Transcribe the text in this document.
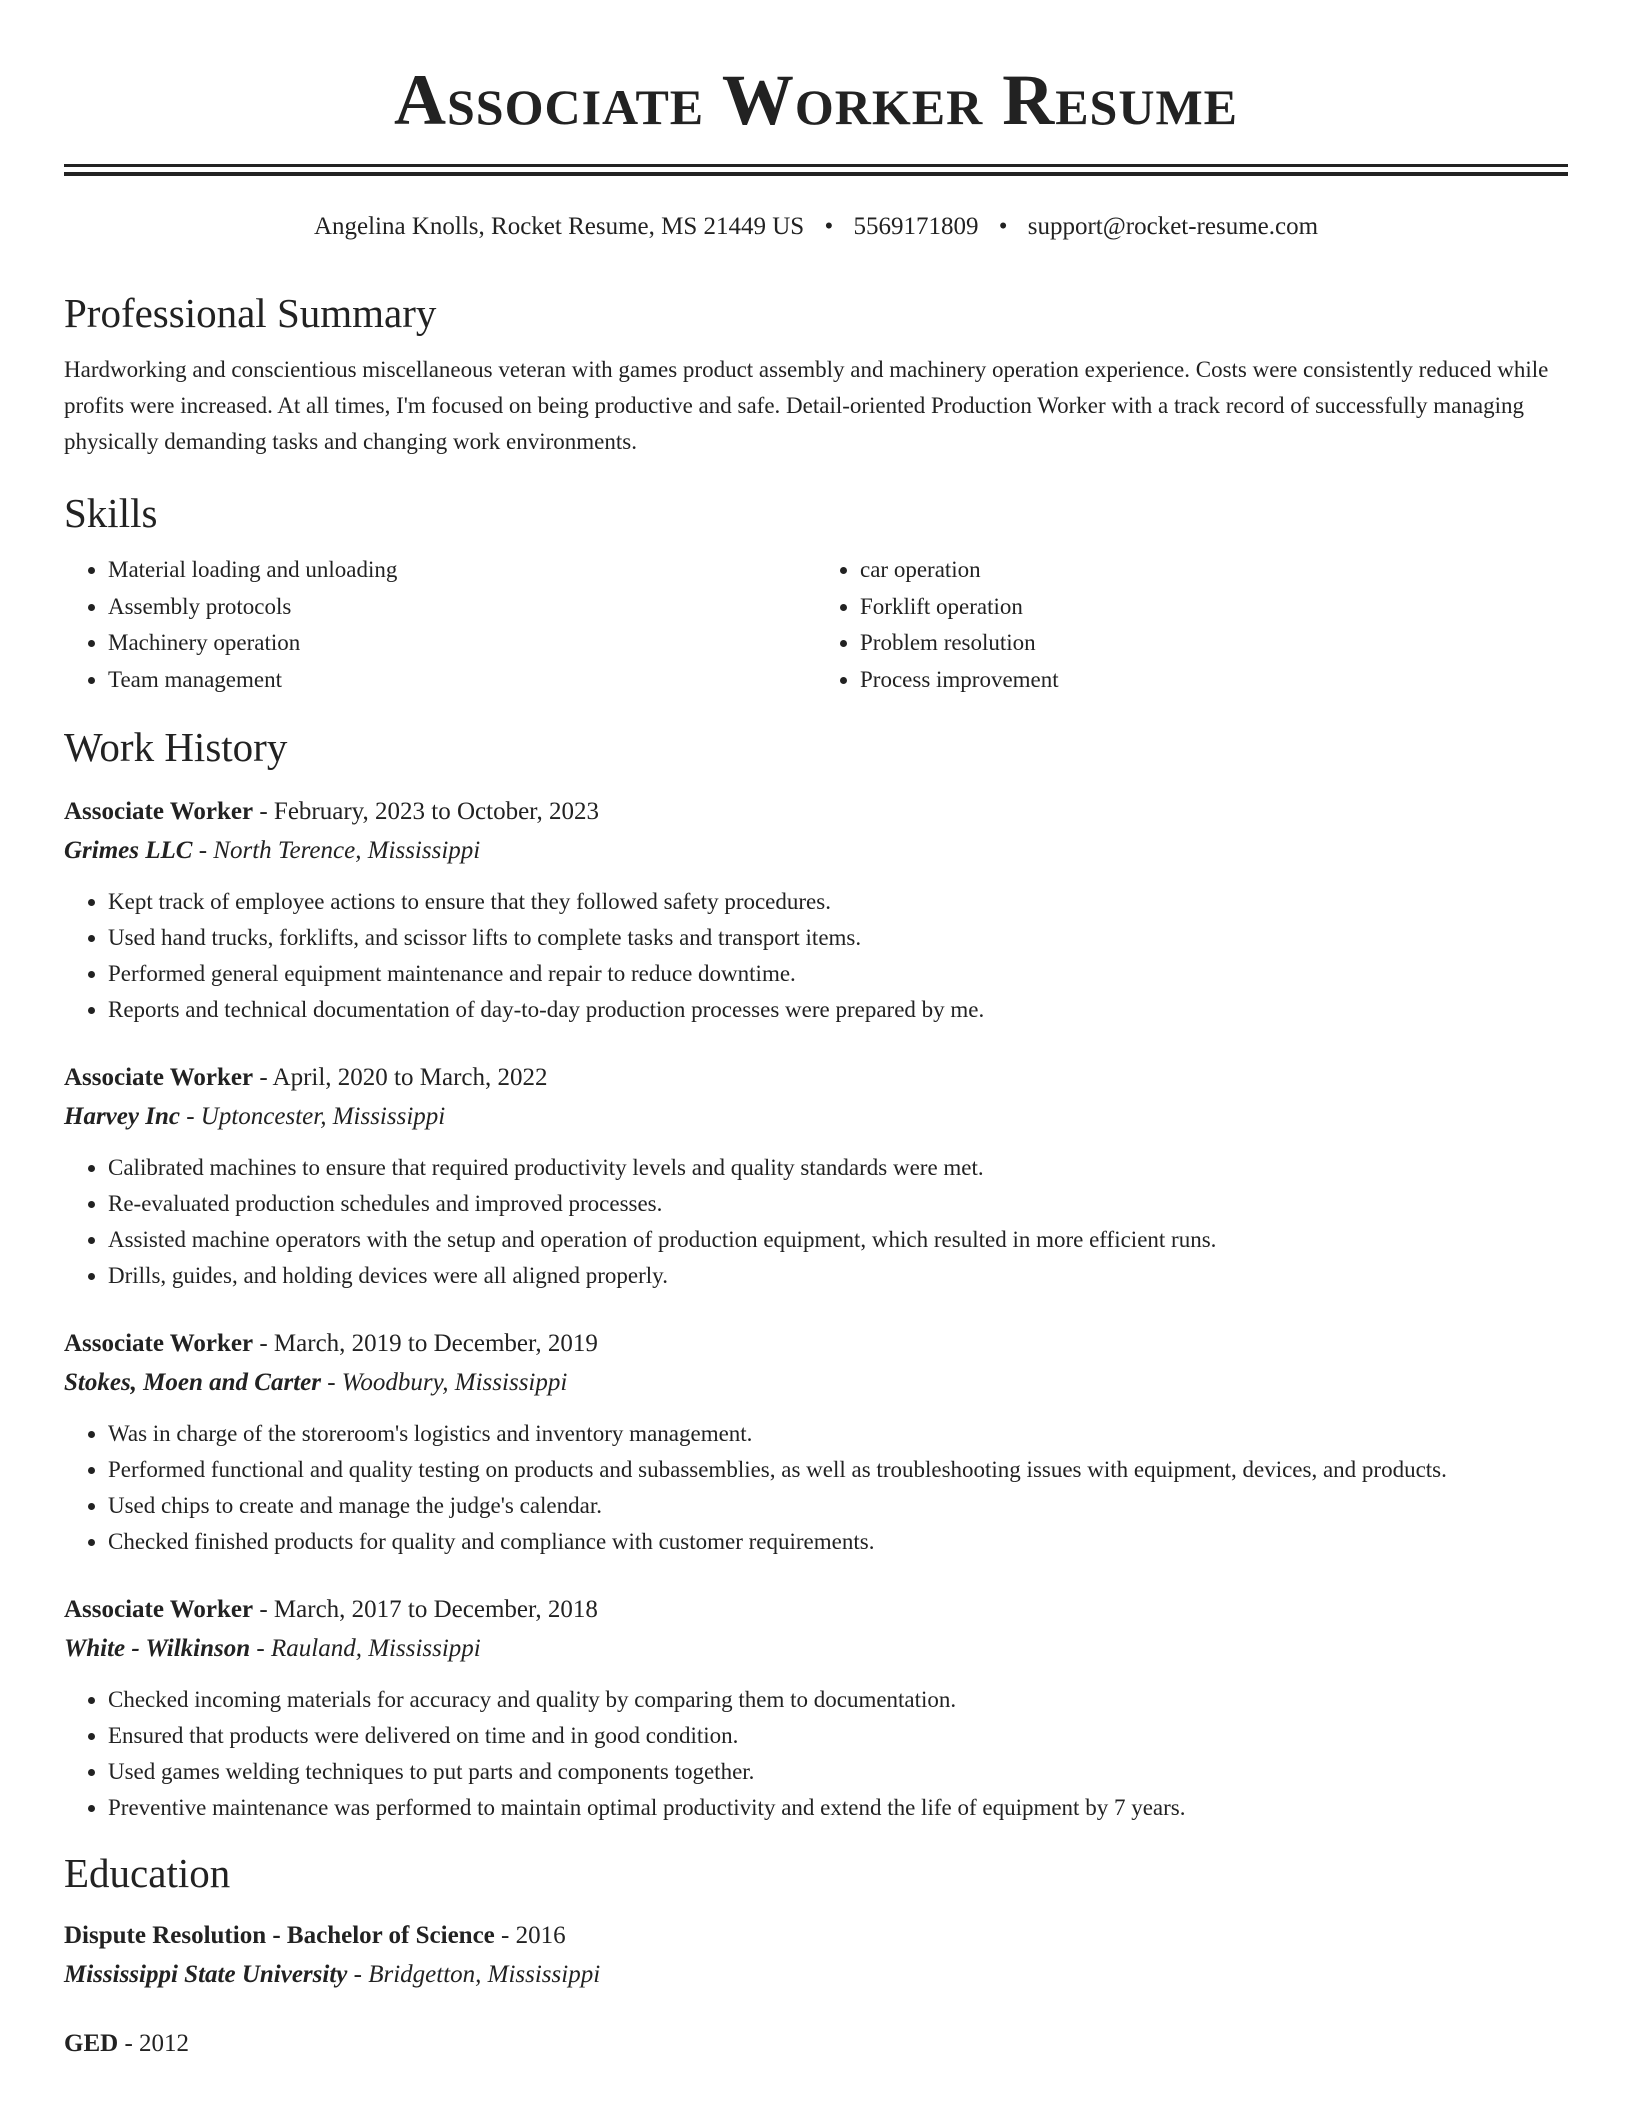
Associate Worker Resume
Angelina Knolls, Rocket Resume, MS 21449 US • 5569171809 • support@rocket-resume.com
Professional Summary

Hardworking and conscientious miscellaneous veteran with games product assembly and machinery operation experience. Costs were consistently reduced while profits were increased. At all times, I'm focused on being productive and safe. Detail-oriented Production Worker with a track record of successfully managing physically demanding tasks and changing work environments.

Skills
• Material loading and unloading
• Assembly protocols
• Machinery operation
• Team management
• car operation
• Forklift operation
• Problem resolution
• Process improvement
Work History
Associate Worker - February, 2023 to October, 2023
Grimes LLC - North Terence, Mississippi
• Kept track of employee actions to ensure that they followed safety procedures.
• Used hand trucks, forklifts, and scissor lifts to complete tasks and transport items.
• Performed general equipment maintenance and repair to reduce downtime.
• Reports and technical documentation of day-to-day production processes were prepared by me.
Associate Worker - April, 2020 to March, 2022
Harvey Inc - Uptoncester, Mississippi
• Calibrated machines to ensure that required productivity levels and quality standards were met.
• Re-evaluated production schedules and improved processes.
• Assisted machine operators with the setup and operation of production equipment, which resulted in more efficient runs.
• Drills, guides, and holding devices were all aligned properly.
Associate Worker - March, 2019 to December, 2019
Stokes, Moen and Carter - Woodbury, Mississippi
• Was in charge of the storeroom's logistics and inventory management.
• Performed functional and quality testing on products and subassemblies, as well as troubleshooting issues with equipment, devices, and products.
• Used chips to create and manage the judge's calendar.
• Checked finished products for quality and compliance with customer requirements.
Associate Worker - March, 2017 to December, 2018
White - Wilkinson - Rauland, Mississippi
• Checked incoming materials for accuracy and quality by comparing them to documentation.
• Ensured that products were delivered on time and in good condition.
• Used games welding techniques to put parts and components together.
• Preventive maintenance was performed to maintain optimal productivity and extend the life of equipment by 7 years.
Education
Dispute Resolution - Bachelor of Science - 2016
Mississippi State University - Bridgetton, Mississippi
GED - 2012
